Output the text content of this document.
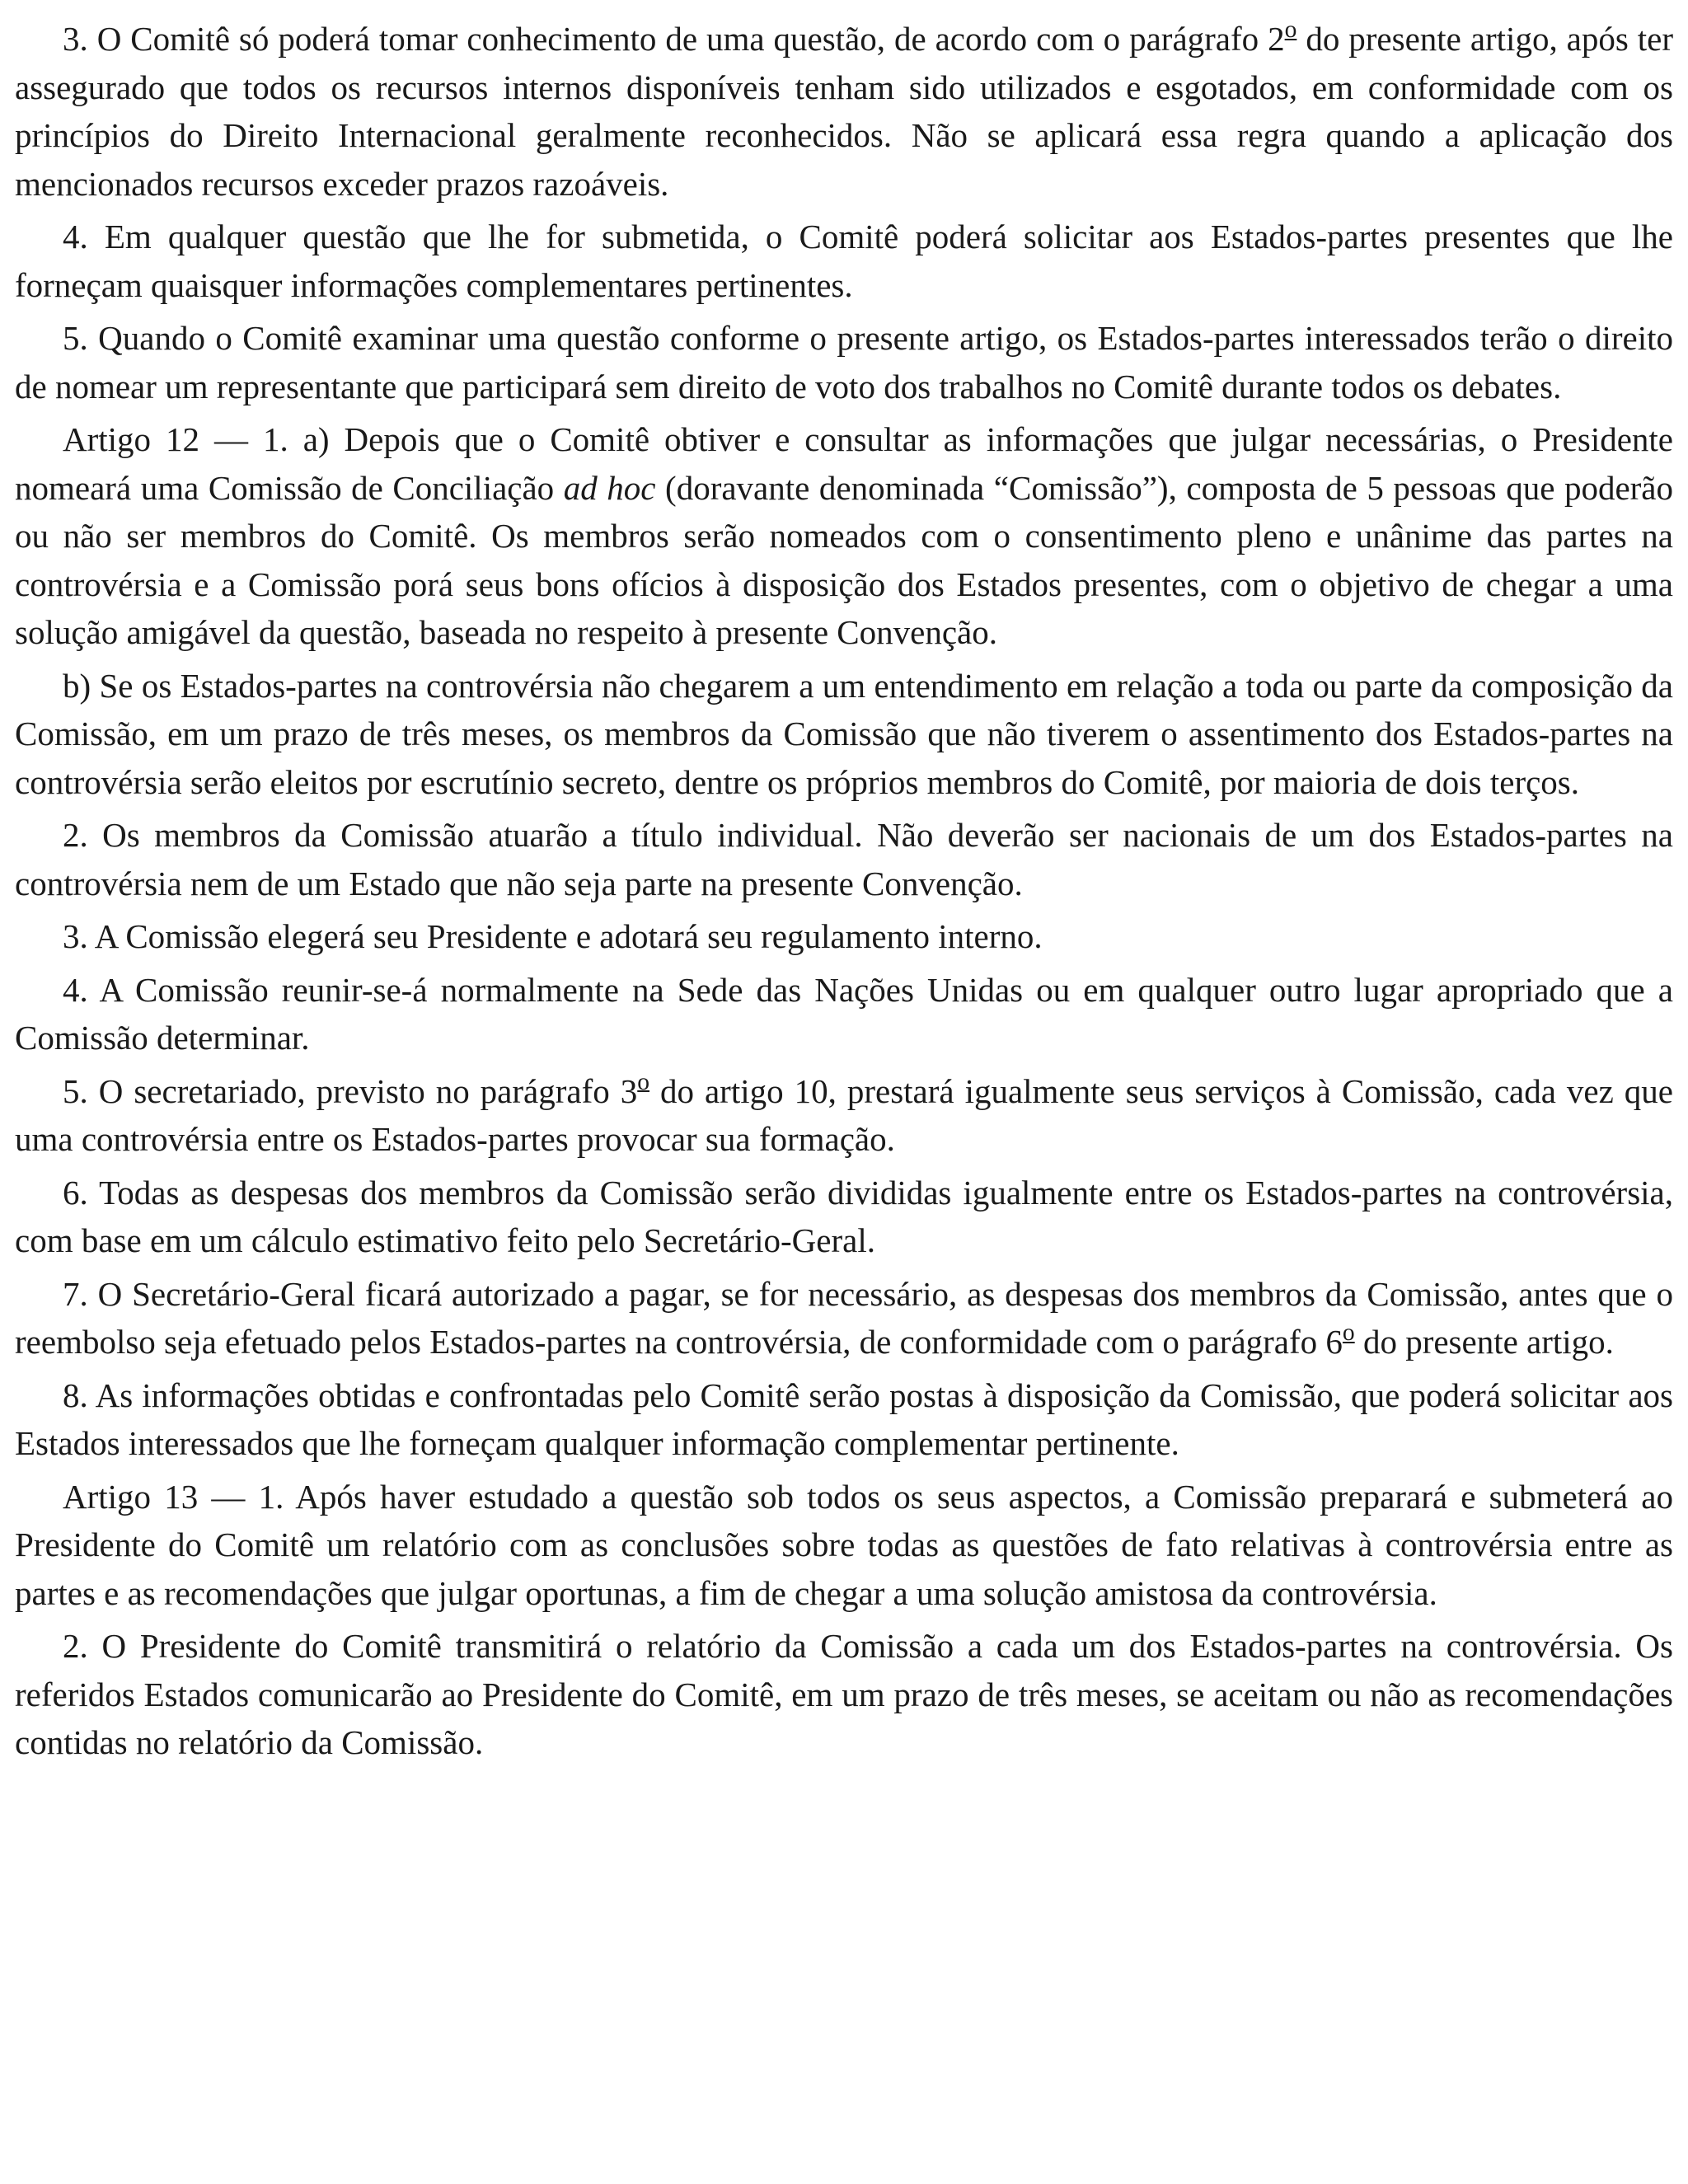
3. O Comitê só poderá tomar conhecimento de uma questão, de acordo com o parágrafo 2$^o$ do presente artigo, após ter assegurado que todos os recursos internos disponíveis tenham sido utilizados e esgotados, em conformidade com os princípios do Direito Internacional geralmente reconhecidos. Não se aplicará essa regra quando a aplicação dos mencionados recursos exceder prazos razoáveis.

4. Em qualquer questão que lhe for submetida, o Comitê poderá solicitar aos Estados-partes presentes que lhe forneçam quaisquer informações complementares pertinentes.

5. Quando o Comitê examinar uma questão conforme o presente artigo, os Estados-partes interessados terão o direito de nomear um representante que participará sem direito de voto dos trabalhos no Comitê durante todos os debates.

Artigo 12 — 1. a) Depois que o Comitê obtiver e consultar as informações que julgar necessárias, o Presidente nomeará uma Comissão de Conciliação ad hoc (doravante denominada “Comissão”), composta de 5 pessoas que poderão ou não ser membros do Comitê. Os membros serão nomeados com o consentimento pleno e unânime das partes na controvérsia e a Comissão porá seus bons ofícios à disposição dos Estados presentes, com o objetivo de chegar a uma solução amigável da questão, baseada no respeito à presente Convenção.

b) Se os Estados-partes na controvérsia não chegarem a um entendimento em relação a toda ou parte da composição da Comissão, em um prazo de três meses, os membros da Comissão que não tiverem o assentimento dos Estados-partes na controvérsia serão eleitos por escrutínio secreto, dentre os próprios membros do Comitê, por maioria de dois terços.

2. Os membros da Comissão atuarão a título individual. Não deverão ser nacionais de um dos Estados-partes na controvérsia nem de um Estado que não seja parte na presente Convenção.

3. A Comissão elegerá seu Presidente e adotará seu regulamento interno.

4. A Comissão reunir-se-á normalmente na Sede das Nações Unidas ou em qualquer outro lugar apropriado que a Comissão determinar.

5. O secretariado, previsto no parágrafo 3$^o$ do artigo 10, prestará igualmente seus serviços à Comissão, cada vez que uma controvérsia entre os Estados-partes provocar sua formação.

6. Todas as despesas dos membros da Comissão serão divididas igualmente entre os Estados-partes na controvérsia, com base em um cálculo estimativo feito pelo Secretário-Geral.

7. O Secretário-Geral ficará autorizado a pagar, se for necessário, as despesas dos membros da Comissão, antes que o reembolso seja efetuado pelos Estados-partes na controvérsia, de conformidade com o parágrafo 6$^o$ do presente artigo.

8. As informações obtidas e confrontadas pelo Comitê serão postas à disposição da Comissão, que poderá solicitar aos Estados interessados que lhe forneçam qualquer informação complementar pertinente.

Artigo 13 — 1. Após haver estudado a questão sob todos os seus aspectos, a Comissão preparará e submeterá ao Presidente do Comitê um relatório com as conclusões sobre todas as questões de fato relativas à controvérsia entre as partes e as recomendações que julgar oportunas, a fim de chegar a uma solução amistosa da controvérsia.

2. O Presidente do Comitê transmitirá o relatório da Comissão a cada um dos Estados-partes na controvérsia. Os referidos Estados comunicarão ao Presidente do Comitê, em um prazo de três meses, se aceitam ou não as recomendações contidas no relatório da Comissão.
